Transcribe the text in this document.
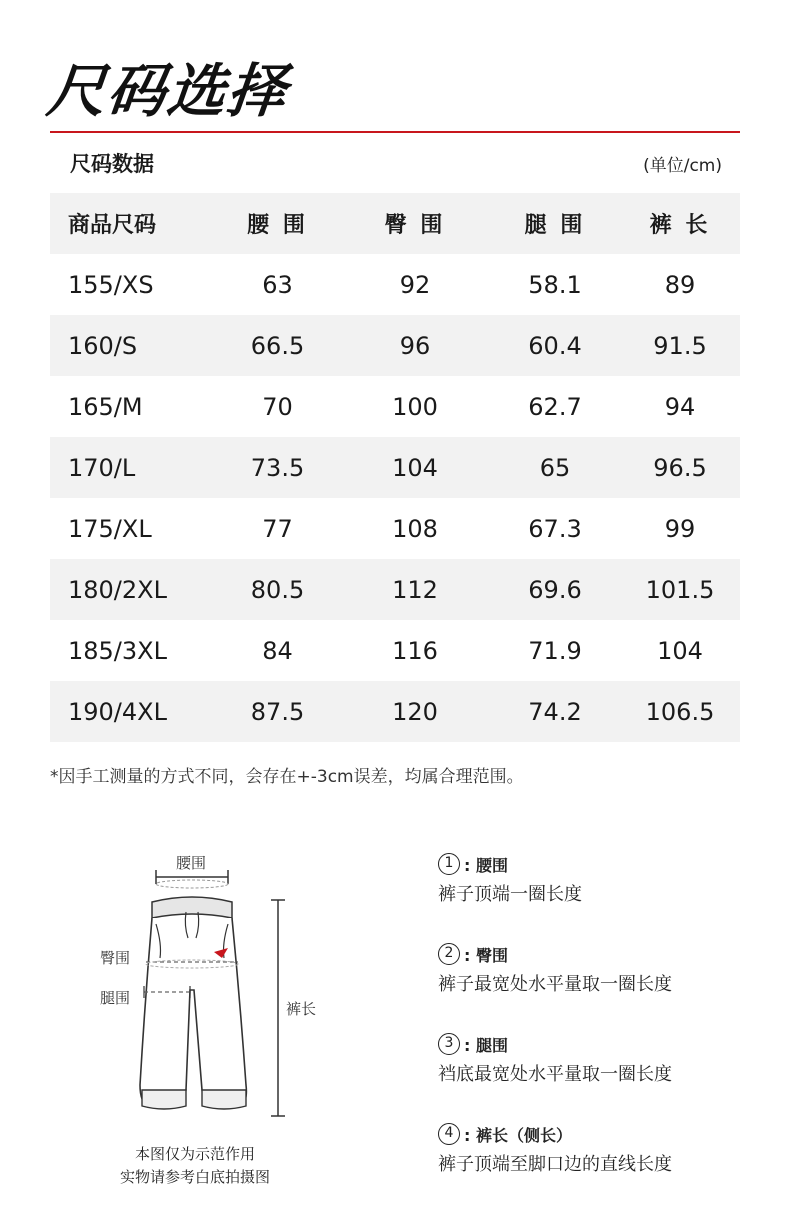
尺码选择
尺码数据	(单位/cm)
商品尺码	腰 围	臀 围	腿 围	裤 长
155/XS	63	92	58.1	89
160/S	66.5	96	60.4	91.5
165/M	70	100	62.7	94
170/L	73.5	104	65	96.5
175/XL	77	108	67.3	99
180/2XL	80.5	112	69.6	101.5
185/3XL	84	116	71.9	104
190/4XL	87.5	120	74.2	106.5
*因手工测量的方式不同，会存在+-3cm误差，均属合理范围。
腰围
臀围
腿围
裤长
本图仅为示范作用
实物请参考白底拍摄图
1 : 腰围
裤子顶端一圈长度
2 : 臀围
裤子最宽处水平量取一圈长度
3 : 腿围
裆底最宽处水平量取一圈长度
4 : 裤长（侧长）
裤子顶端至脚口边的直线长度
